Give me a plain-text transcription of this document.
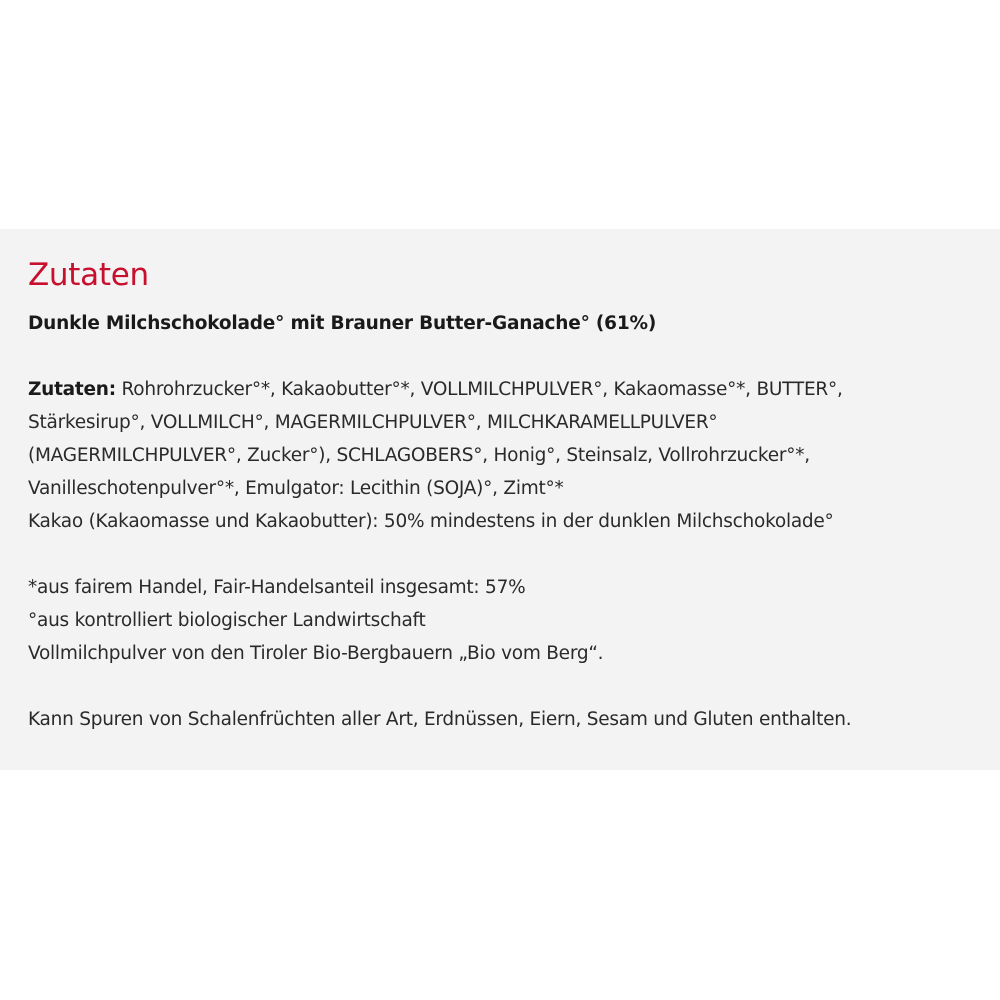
Zutaten

Dunkle Milchschokolade° mit Brauner Butter-Ganache° (61%)

Zutaten: Rohrohrzucker°*, Kakaobutter°*, VOLLMILCHPULVER°, Kakaomasse°*, BUTTER°,
Stärkesirup°, VOLLMILCH°, MAGERMILCHPULVER°, MILCHKARAMELLPULVER°
(MAGERMILCHPULVER°, Zucker°), SCHLAGOBERS°, Honig°, Steinsalz, Vollrohrzucker°*,
Vanilleschotenpulver°*, Emulgator: Lecithin (SOJA)°, Zimt°*
Kakao (Kakaomasse und Kakaobutter): 50% mindestens in der dunklen Milchschokolade°

*aus fairem Handel, Fair-Handelsanteil insgesamt: 57%
°aus kontrolliert biologischer Landwirtschaft
Vollmilchpulver von den Tiroler Bio-Bergbauern „Bio vom Berg“.

Kann Spuren von Schalenfrüchten aller Art, Erdnüssen, Eiern, Sesam und Gluten enthalten.
